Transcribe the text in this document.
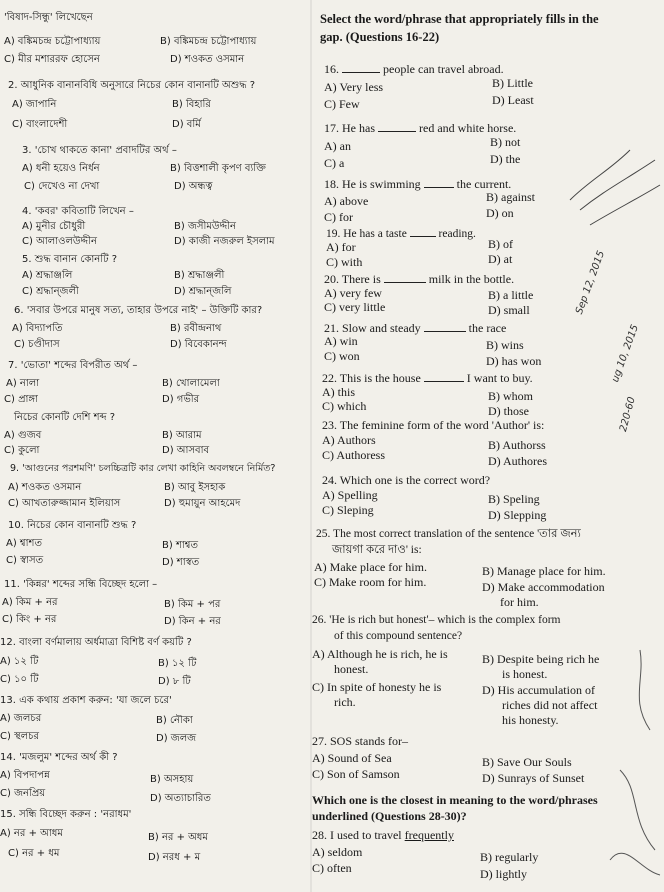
'বিষাদ-সিন্ধু' লিখেছেন
A) বঙ্কিমচন্দ্র চট্টোপাধ্যায়	B) বঙ্কিমচন্দ্র চট্টোপাধ্যায়
C) মীর মশাররফ হোসেন	D) শওকত ওসমান
2. আধুনিক বানানবিধি অনুসারে নিচের কোন বানানটি অশুদ্ধ ?
A) জাপানি	B) বিহারি
C) বাংলাদেশী	D) বর্মি
3. 'চোখ থাকতে কানা' প্রবাদটির অর্থ –
A) ধনী হয়েও নির্ধন	B) বিত্তশালী কৃপণ ব্যক্তি
C) দেখেও না দেখা	D) অন্ধত্ব
4. 'কবর' কবিতাটি লিখেন –
A) মুনীর চৌধুরী	B) জসীমউদ্দীন
C) আলাওলউদ্দীন	D) কাজী নজরুল ইসলাম
5. শুদ্ধ বানান কোনটি ?
A) শ্রদ্ধাঞ্জলি	B) শ্রদ্ধাঞ্জলী
C) শ্রদ্ধান্জলী	D) শ্রদ্ধান্জলি
6. 'সবার উপরে মানুষ সত্য, তাহার উপরে নাই' – উক্তিটি কার?
A) বিদ্যাপতি	B) রবীন্দ্রনাথ
C) চণ্ডীদাস	D) বিবেকানন্দ
7. 'ভোতা' শব্দের বিপরীত অর্থ –
A) নালা	B) খোলামেলা
C) প্রাঙ্গা	D) গভীর
নিচের কোনটি দেশি শব্দ ?
A) গুজব	B) আরাম
C) কুলো	D) আসবাব
9. 'আগুনের পরশমণি' চলচ্চিত্রটি কার লেখা কাহিনি অবলম্বনে নির্মিত?
A) শওকত ওসমান	B) আবু ইসহাক
C) আখতারুজ্জামান ইলিয়াস	D) হুমায়ুন আহমেদ
10. নিচের কোন বানানটি শুদ্ধ ?
A) শ্বাশত	B) শাশ্বত
C) স্বাসত	D) শাস্বত
11. 'কিন্নর' শব্দের সন্ধি বিচ্ছেদ হলো –
A) কিম + নর	B) কিম + পর
C) কিং + নর	D) কিন + নর
12. বাংলা বর্ণমালায় অর্ধমাত্রা বিশিষ্ট বর্ণ কয়টি ?
A) ১২ টি	B) ১২ টি
C) ১০ টি	D) ৮ টি
13. এক কথায় প্রকাশ করুন: 'যা জলে চরে'
A) জলচর	B) নৌকা
C) স্থলচর	D) জলজ
14. 'মজলুম' শব্দের অর্থ কী ?
A) বিপদাপন্ন	B) অসহায়
C) জনপ্রিয়	D) অত্যাচারিত
15. সন্ধি বিচ্ছেদ করুন : 'নরাধম'
A) নর + আধম	B) নর + অধম
C) নর + ধম	D) নরধ + ম
Select the word/phrase that appropriately fills in the gap. (Questions 16-22)
16.	people can travel abroad.
A) Very less	B) Little
C) Few	D) Least
17. He has	red and white horse.
A) an	B) not
C) a	D) the
18. He is swimming	the current.
A) above	B) against
C) for	D) on
19. He has a taste	reading.
A) for	B) of
C) with	D) at
20. There is	milk in the bottle.
A) very few	B) a little
C) very little	D) small
21. Slow and steady	the race
A) win	B) wins
C) won	D) has won
22. This is the house	I want to buy.
A) this	B) whom
C) which	D) those
23. The feminine form of the word 'Author' is:
A) Authors	B) Authorss
C) Authoress	D) Authores
24. Which one is the correct word?
A) Spelling	B) Speling
C) Sleping	D) Slepping
25. The most correct translation of the sentence 'তার জন্য
জায়গা করে দাও' is:
A) Make place for him.	B) Manage place for him.
C) Make room for him.	D) Make accommodation
for him.
26. 'He is rich but honest'– which is the complex form
of this compound sentence?
A) Although he is rich, he is
honest.
B) Despite being rich he
is honest.
C) In spite of honesty he is
rich.
D) His accumulation of
riches did not affect
his honesty.
27. SOS stands for–
A) Sound of Sea	B) Save Our Souls
C) Son of Samson	D) Sunrays of Sunset
Which one is the closest in meaning to the word/phrases underlined (Questions 28-30)?
28. I used to travel frequently
A) seldom	B) regularly
C) often	D) lightly
Sep 12, 2015
ug 10, 2015
220-60
